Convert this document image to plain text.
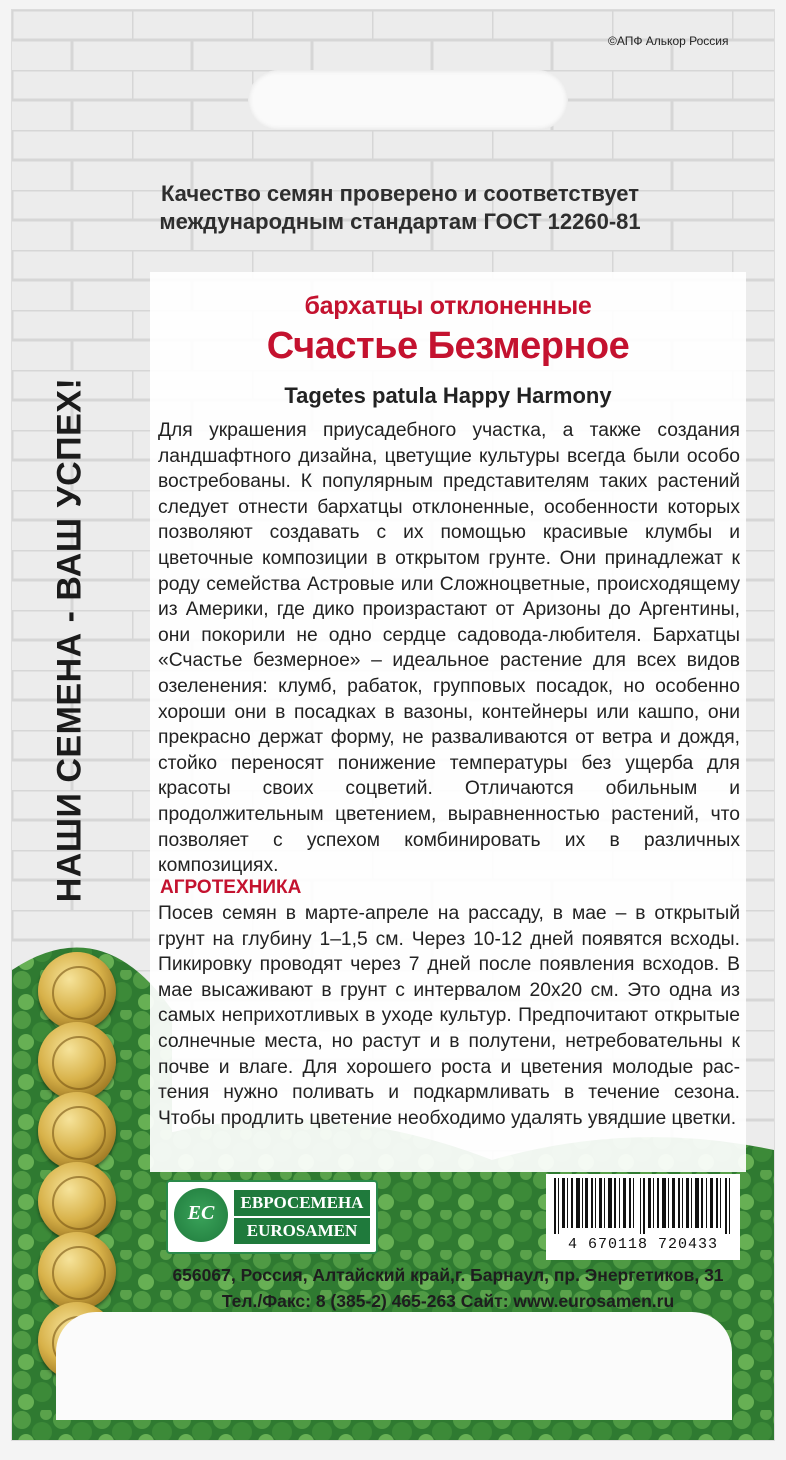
©АПФ Алькор Россия
Качество семян проверено и соответствует
международным стандартам ГОСТ 12260-81
бархатцы отклоненные
Счастье Безмерное
Tagetes patula Happy Harmony
Для украшения приусадебного участка, а также создания ландшафтного дизайна, цветущие культуры всегда были особо востребованы. К популярным представителям таких растений следует отнести бархатцы отклоненные, особенности которых позволяют создавать с их помощью красивые клумбы и цветочные композиции в открытом грунте. Они принадлежат к роду семейства Астровые или Сложноцветные, происходящему из Америки, где дико произрастают от Аризоны до Аргентины, они покорили не одно сердце садовода-любителя. Бархатцы «Счастье безмерное» – идеальное растение для всех видов озеленения: клумб, рабаток, групповых посадок, но особенно хороши они в посадках в вазоны, контейнеры или кашпо, они прекрасно держат форму, не разваливаются от ветра и дождя, стойко переносят понижение температуры без ущерба для красоты своих соцветий. Отличаются обильным и продолжительным цветением, выравненностью растений, что позволяет с успехом комбинировать их в различных композициях.
АГРОТЕХНИКА
Посев семян в марте-апреле на рассаду, в мае – в открытый грунт на глубину 1–1,5 см. Через 10-12 дней появятся всходы. Пикировку проводят через 7 дней после появления всходов. В мае высаживают в грунт с интервалом 20х20 см. Это одна из самых неприхотливых в уходе культур. Предпочитают открытые солнечные места, но растут и в полутени, нетребовательны к почве и влаге. Для хорошего роста и цветения молодые растения нужно поливать и подкармливать в течение сезона. Чтобы продлить цветение необходимо удалять увядшие цветки.
НАШИ СЕМЕНА - ВАШ УСПЕХ!
ЕС
ЕВРОСЕМЕНА
EUROSAMEN
4 670118 720433
656067, Россия, Алтайский край,г. Барнаул, пр. Энергетиков, 31
Тел./Факс: 8 (385-2) 465-263 Сайт: www.eurosamen.ru
